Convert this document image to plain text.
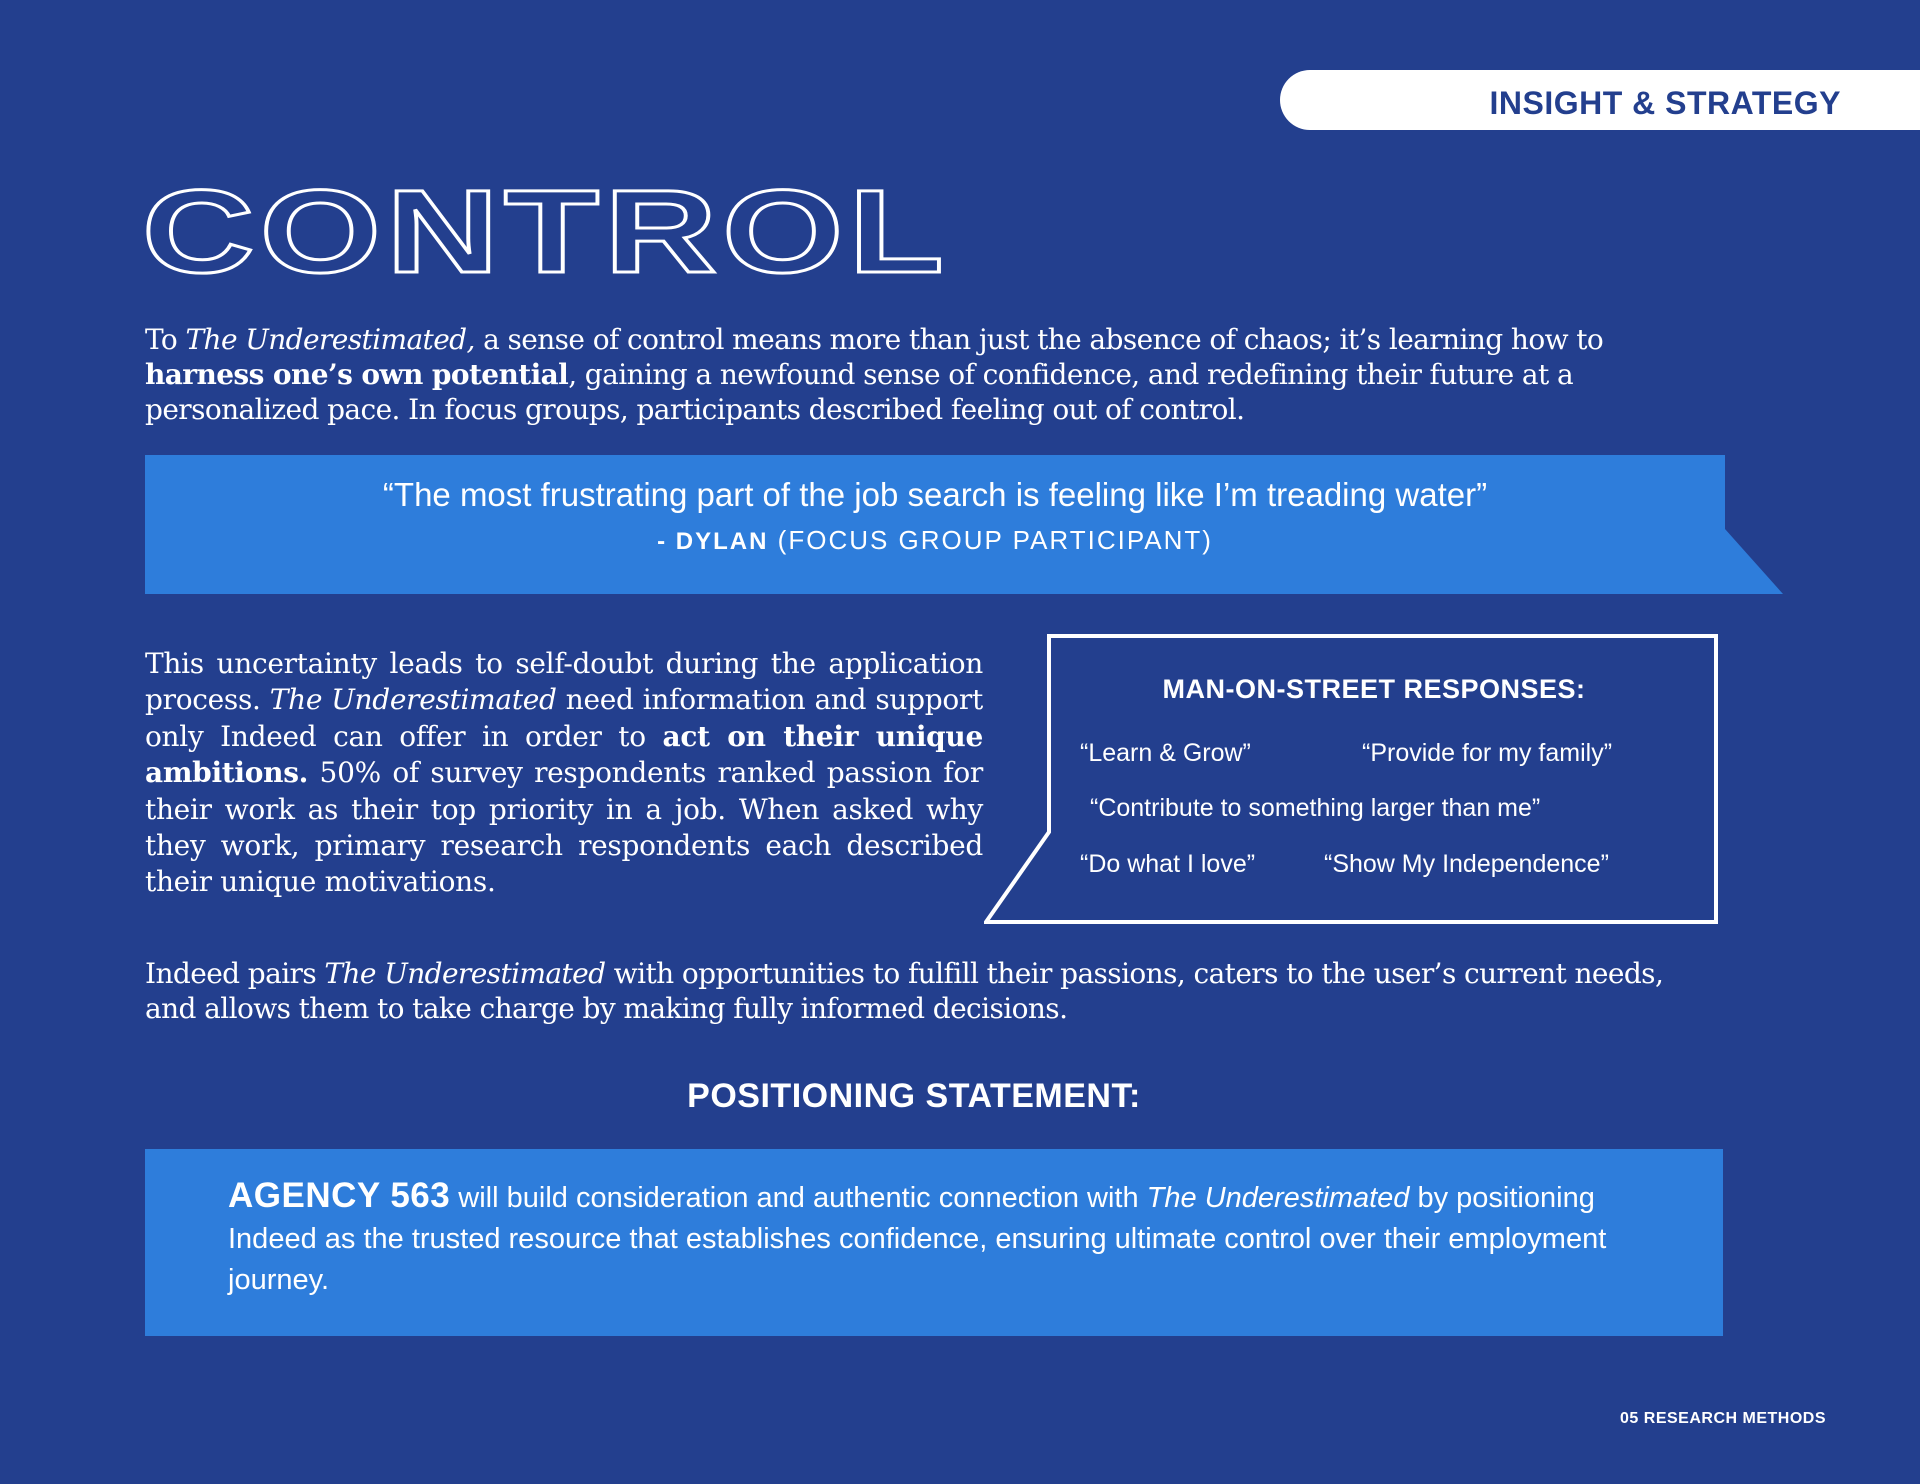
INSIGHT & STRATEGY
CONTROL

To The Underestimated, a sense of control means more than just the absence of chaos; it’s learning how to harness one’s own potential, gaining a newfound sense of confidence, and redefining their future at a personalized pace. In focus groups, participants described feeling out of control.

“The most frustrating part of the job search is feeling like I’m treading water”
- DYLAN (FOCUS GROUP PARTICIPANT)

This uncertainty leads to self-doubt during the application process. The Underestimated need information and support only Indeed can offer in order to act on their unique ambitions. 50% of survey respondents ranked passion for their work as their top priority in a job. When asked why they work, primary research respondents each described their unique motivations.

MAN-ON-STREET RESPONSES:
“Learn & Grow”	“Provide for my family”
“Contribute to something larger than me”
“Do what I love”	“Show My Independence”

Indeed pairs The Underestimated with opportunities to fulfill their passions, caters to the user’s current needs, and allows them to take charge by making fully informed decisions.

POSITIONING STATEMENT:

AGENCY 563 will build consideration and authentic connection with The Underestimated by positioning Indeed as the trusted resource that establishes confidence, ensuring ultimate control over their employment journey.

05 RESEARCH METHODS
